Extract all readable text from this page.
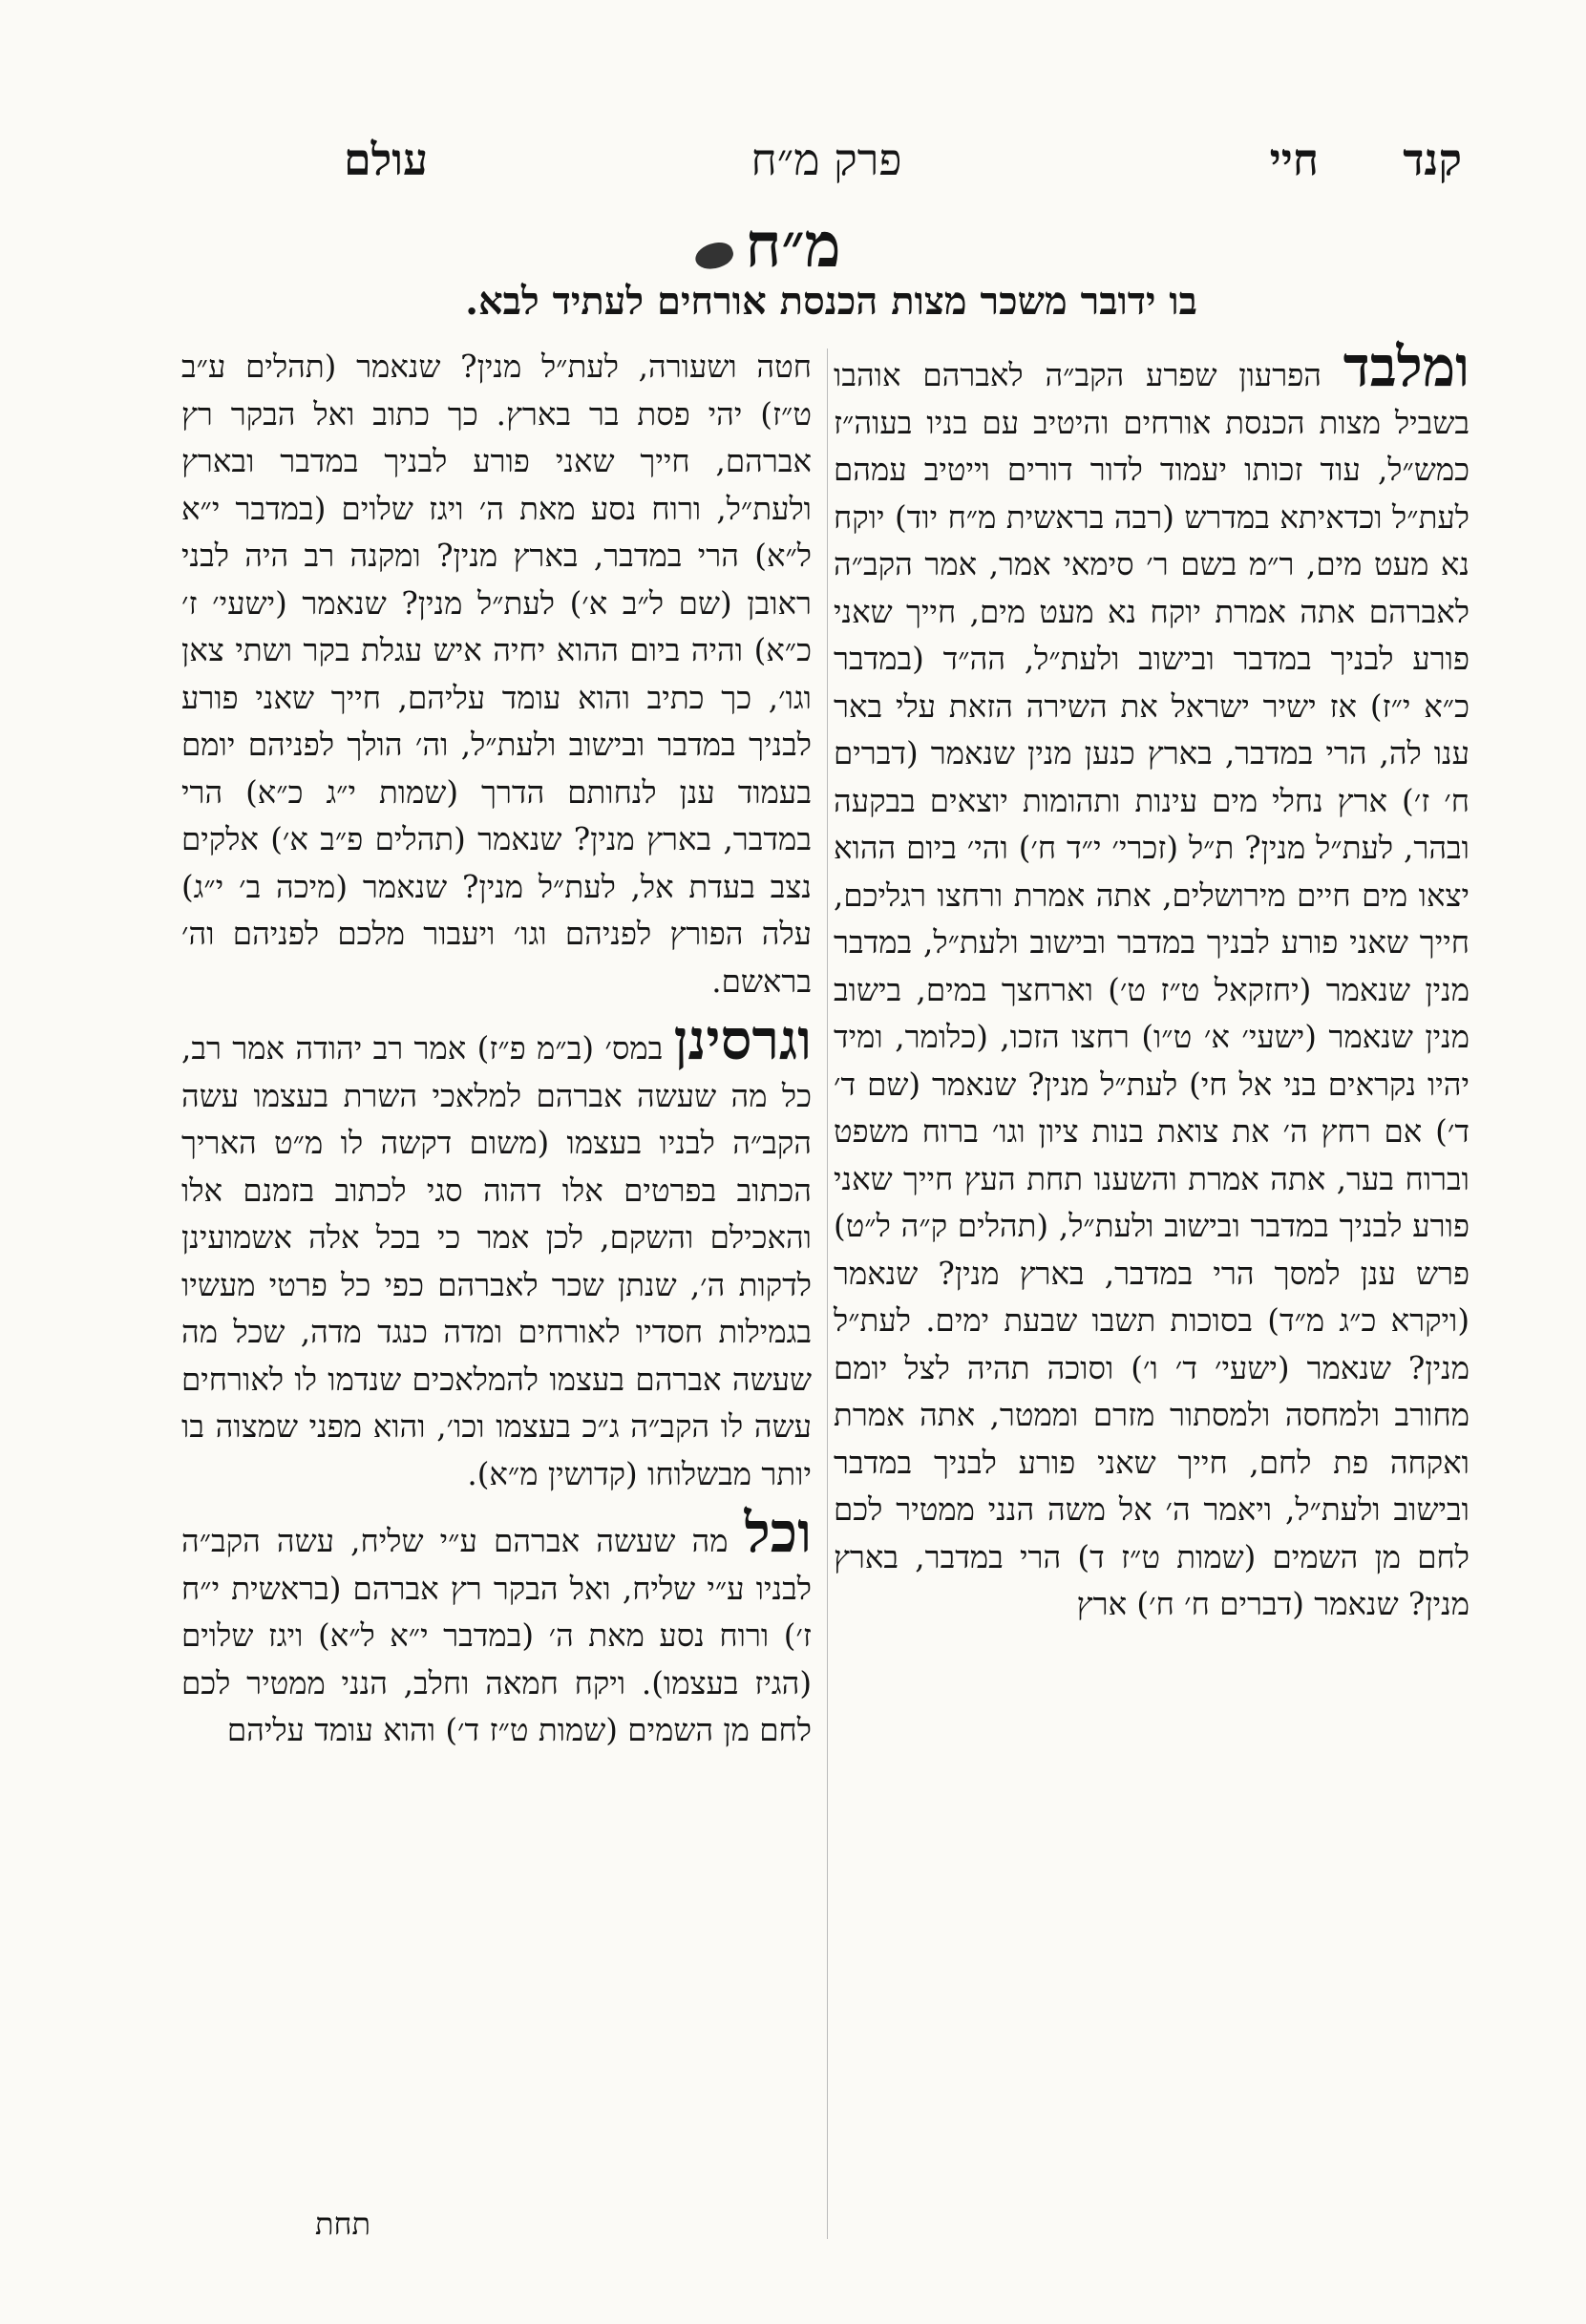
קנד
חיי
פרק מ״ח
עולם
מ״ח
בו ידובר משכר מצות הכנסת אורחים לעתיד לבא.

ומלבד הפרעון שפרע הקב״ה לאברהם אוהבו בשביל מצות הכנסת אורחים והיטיב עם בניו בעוה״ז כמש״ל, עוד זכותו יעמוד לדור דורים וייטיב עמהם לעת״ל וכדאיתא במדרש (רבה בראשית מ״ח יוד) יוקח נא מעט מים, ר״מ בשם ר׳ סימאי אמר, אמר הקב״ה לאברהם אתה אמרת יוקח נא מעט מים, חייך שאני פורע לבניך במדבר ובישוב ולעת״ל, הה״ד (במדבר כ״א י״ז) אז ישיר ישראל את השירה הזאת עלי באר ענו לה, הרי במדבר, בארץ כנען מנין שנאמר (דברים ח׳ ז׳) ארץ נחלי מים עינות ותהומות יוצאים בבקעה ובהר, לעת״ל מנין? ת״ל (זכרי׳ י״ד ח׳) והי׳ ביום ההוא יצאו מים חיים מירושלים, אתה אמרת ורחצו רגליכם, חייך שאני פורע לבניך במדבר ובישוב ולעת״ל, במדבר מנין שנאמר (יחזקאל ט״ז ט׳) וארחצך במים, בישוב מנין שנאמר (ישעי׳ א׳ ט״ו) רחצו הזכו, (כלומר, ומיד יהיו נקראים בני אל חי) לעת״ל מנין? שנאמר (שם ד׳ ד׳) אם רחץ ה׳ את צואת בנות ציון וגו׳ ברוח משפט וברוח בער, אתה אמרת והשענו תחת העץ חייך שאני פורע לבניך במדבר ובישוב ולעת״ל, (תהלים ק״ה ל״ט) פרש ענן למסך הרי במדבר, בארץ מנין? שנאמר (ויקרא כ״ג מ״ד) בסוכות תשבו שבעת ימים. לעת״ל מנין? שנאמר (ישעי׳ ד׳ ו׳) וסוכה תהיה לצל יומם מחורב ולמחסה ולמסתור מזרם וממטר, אתה אמרת ואקחה פת לחם, חייך שאני פורע לבניך במדבר ובישוב ולעת״ל, ויאמר ה׳ אל משה הנני ממטיר לכם לחם מן השמים (שמות ט״ז ד) הרי במדבר, בארץ מנין? שנאמר (דברים ח׳ ח׳) ארץ

חטה ושעורה, לעת״ל מנין? שנאמר (תהלים ע״ב ט״ז) יהי פסת בר בארץ. כך כתוב ואל הבקר רץ אברהם, חייך שאני פורע לבניך במדבר ובארץ ולעת״ל, ורוח נסע מאת ה׳ ויגז שלוים (במדבר י״א ל״א) הרי במדבר, בארץ מנין? ומקנה רב היה לבני ראובן (שם ל״ב א׳) לעת״ל מנין? שנאמר (ישעי׳ ז׳ כ״א) והיה ביום ההוא יחיה איש עגלת בקר ושתי צאן וגו׳, כך כתיב והוא עומד עליהם, חייך שאני פורע לבניך במדבר ובישוב ולעת״ל, וה׳ הולך לפניהם יומם בעמוד ענן לנחותם הדרך (שמות י״ג כ״א) הרי במדבר, בארץ מנין? שנאמר (תהלים פ״ב א׳) אלקים נצב בעדת אל, לעת״ל מנין? שנאמר (מיכה ב׳ י״ג) עלה הפורץ לפניהם וגו׳ ויעבור מלכם לפניהם וה׳ בראשם.

וגרסינן במס׳ (ב״מ פ״ז) אמר רב יהודה אמר רב, כל מה שעשה אברהם למלאכי השרת בעצמו עשה הקב״ה לבניו בעצמו (משום דקשה לו מ״ט האריך הכתוב בפרטים אלו דהוה סגי לכתוב בזמנם אלו והאכילם והשקם, לכן אמר כי בכל אלה אשמועינן לדקות ה׳, שנתן שכר לאברהם כפי כל פרטי מעשיו בגמילות חסדיו לאורחים ומדה כנגד מדה, שכל מה שעשה אברהם בעצמו להמלאכים שנדמו לו לאורחים עשה לו הקב״ה ג״כ בעצמו וכו׳, והוא מפני שמצוה בו יותר מבשלוחו (קדושין מ״א).

וכל מה שעשה אברהם ע״י שליח, עשה הקב״ה לבניו ע״י שליח, ואל הבקר רץ אברהם (בראשית י״ח ז׳) ורוח נסע מאת ה׳ (במדבר י״א ל״א) ויגז שלוים (הגיז בעצמו). ויקח חמאה וחלב, הנני ממטיר לכם לחם מן השמים (שמות ט״ז ד׳) והוא עומד עליהם

תחת
